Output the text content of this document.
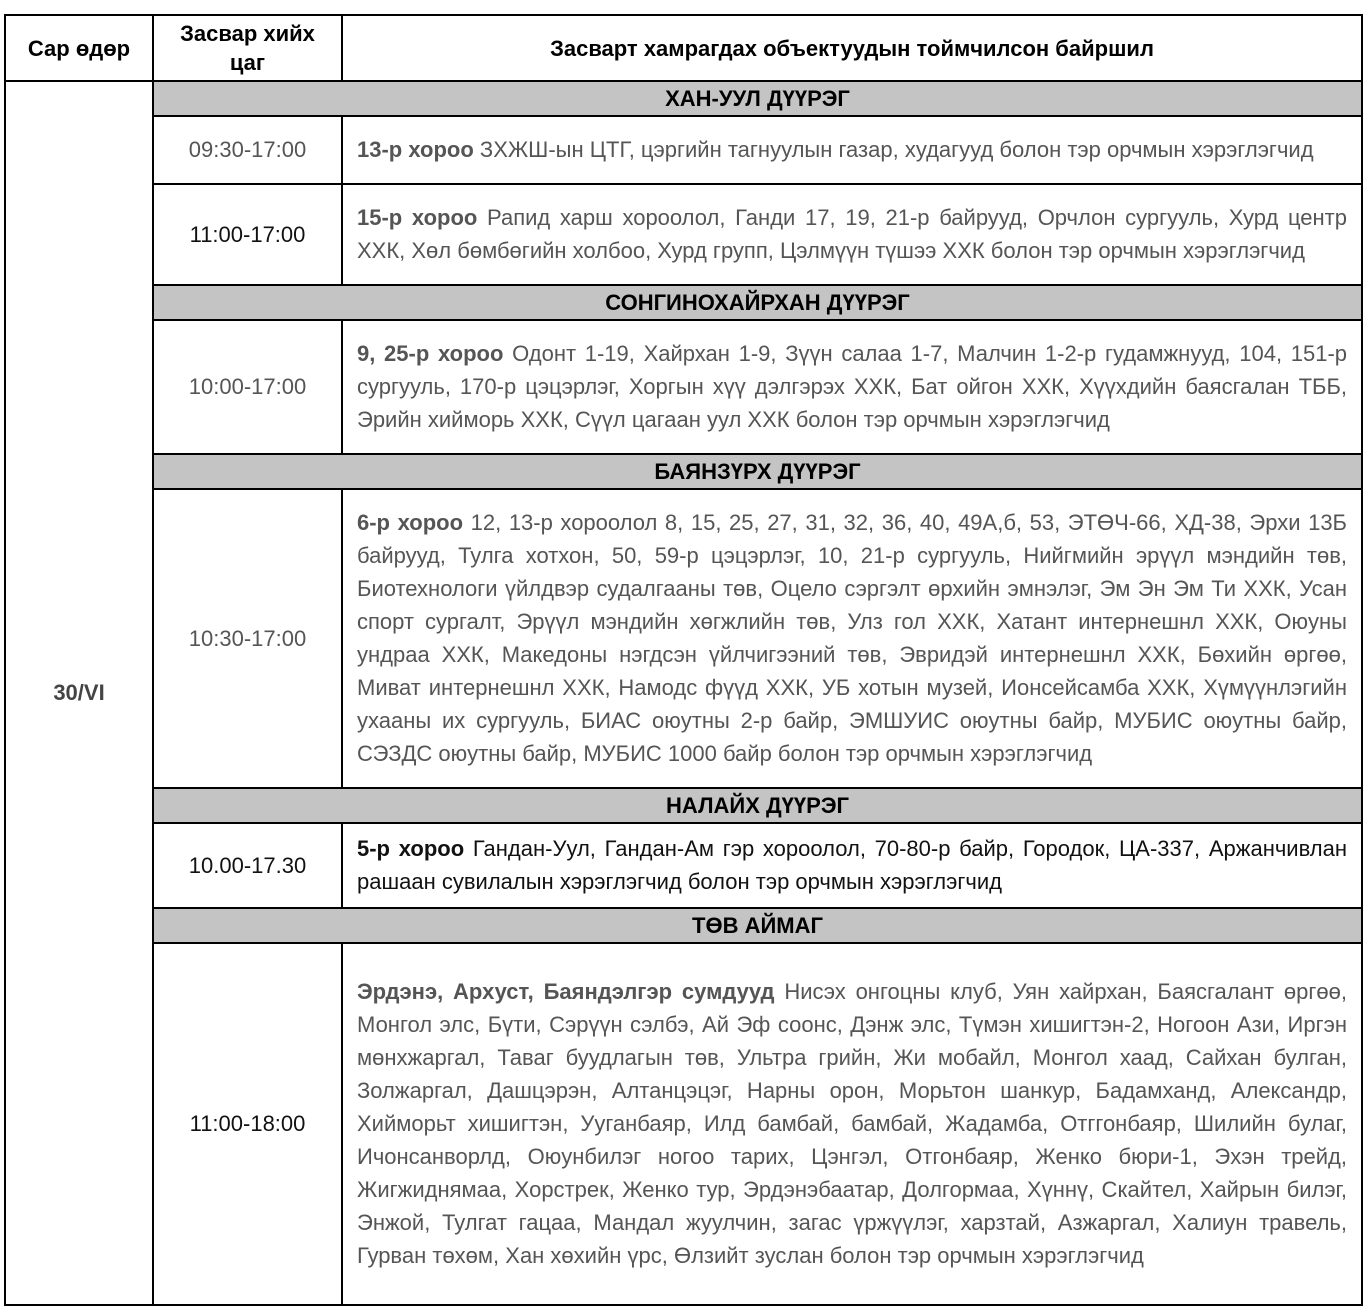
Сар өдөр	Засвар хийх цаг	Засварт хамрагдах объектуудын тоймчилсон байршил
30/VI	ХАН-УУЛ ДҮҮРЭГ	
	09:30-17:00	13-р хороо ЗХЖШ-ын ЦТГ, цэргийн тагнуулын газар, худагууд болон тэр орчмын хэрэглэгчид
	11:00-17:00	15-р хороо Рапид харш хороолол, Ганди 17, 19, 21-р байрууд, Орчлон сургууль, Хурд центр ХХК, Хөл бөмбөгийн холбоо, Хурд групп, Цэлмүүн түшээ ХХК болон тэр орчмын хэрэглэгчид
	СОНГИНОХАЙРХАН ДҮҮРЭГ	
	10:00-17:00	9, 25-р хороо Одонт 1-19, Хайрхан 1-9, Зүүн салаа 1-7, Малчин 1-2-р гудамжнууд, 104, 151-р сургууль, 170-р цэцэрлэг, Хоргын хүү дэлгэрэх ХХК, Бат ойгон ХХК, Хүүхдийн баясгалан ТББ, Эрийн хийморь ХХК, Сүүл цагаан уул ХХК болон тэр орчмын хэрэглэгчид
	БАЯНЗҮРХ ДҮҮРЭГ	
	10:30-17:00	6-р хороо 12, 13-р хороолол 8, 15, 25, 27, 31, 32, 36, 40, 49А,б, 53, ЭТӨЧ-66, ХД-38, Эрхи 13Б байрууд, Тулга хотхон, 50, 59-р цэцэрлэг, 10, 21-р сургууль, Нийгмийн эрүүл мэндийн төв, Биотехнологи үйлдвэр судалгааны төв, Оцело сэргэлт өрхийн эмнэлэг, Эм Эн Эм Ти ХХК, Усан спорт сургалт, Эрүүл мэндийн хөгжлийн төв, Улз гол ХХК, Хатант интернешнл ХХК, Оюуны ундраа ХХК, Македоны нэгдсэн үйлчигээний төв, Эвридэй интернешнл ХХК, Бөхийн өргөө, Миват интернешнл ХХК, Намодс фүүд ХХК, УБ хотын музей, Ионсейсамба ХХК, Хүмүүнлэгийн ухааны их сургууль, БИАС оюутны 2-р байр, ЭМШУИС оюутны байр, МУБИС оюутны байр, СЭЗДС оюутны байр, МУБИС 1000 байр болон тэр орчмын хэрэглэгчид
	НАЛАЙХ ДҮҮРЭГ	
	10.00-17.30	5-р хороо Гандан-Уул, Гандан-Ам гэр хороолол, 70-80-р байр, Городок, ЦА-337, Аржанчивлан рашаан сувилалын хэрэглэгчид болон тэр орчмын хэрэглэгчид
	ТӨВ АЙМАГ	
	11:00-18:00	Эрдэнэ, Архуст, Баяндэлгэр сумдууд Нисэх онгоцны клуб, Уян хайрхан, Баясгалант өргөө, Монгол элс, Бүти, Сэрүүн сэлбэ, Ай Эф соонс, Дэнж элс, Түмэн хишигтэн-2, Ногоон Ази, Иргэн мөнхжаргал, Таваг буудлагын төв, Ультра грийн, Жи мобайл, Монгол хаад, Сайхан булган, Золжаргал, Дашцэрэн, Алтанцэцэг, Нарны орон, Морьтон шанкур, Бадамханд, Александр, Хийморьт хишигтэн, Ууганбаяр, Илд бамбай, бамбай, Жадамба, Отггонбаяр, Шилийн булаг, Ичонсанворлд, Оюунбилэг ногоо тарих, Цэнгэл, Отгонбаяр, Женко бюри-1, Эхэн трейд, Жигжиднямаа, Хорстрек, Женко тур, Эрдэнэбаатар, Долгормаа, Хүннү, Скайтел, Хайрын билэг, Энжой, Тулгат гацаа, Мандал жуулчин, загас үржүүлэг, харзтай, Азжаргал, Халиун травель, Гурван төхөм, Хан хөхийн үрс, Өлзийт зуслан болон тэр орчмын хэрэглэгчид
